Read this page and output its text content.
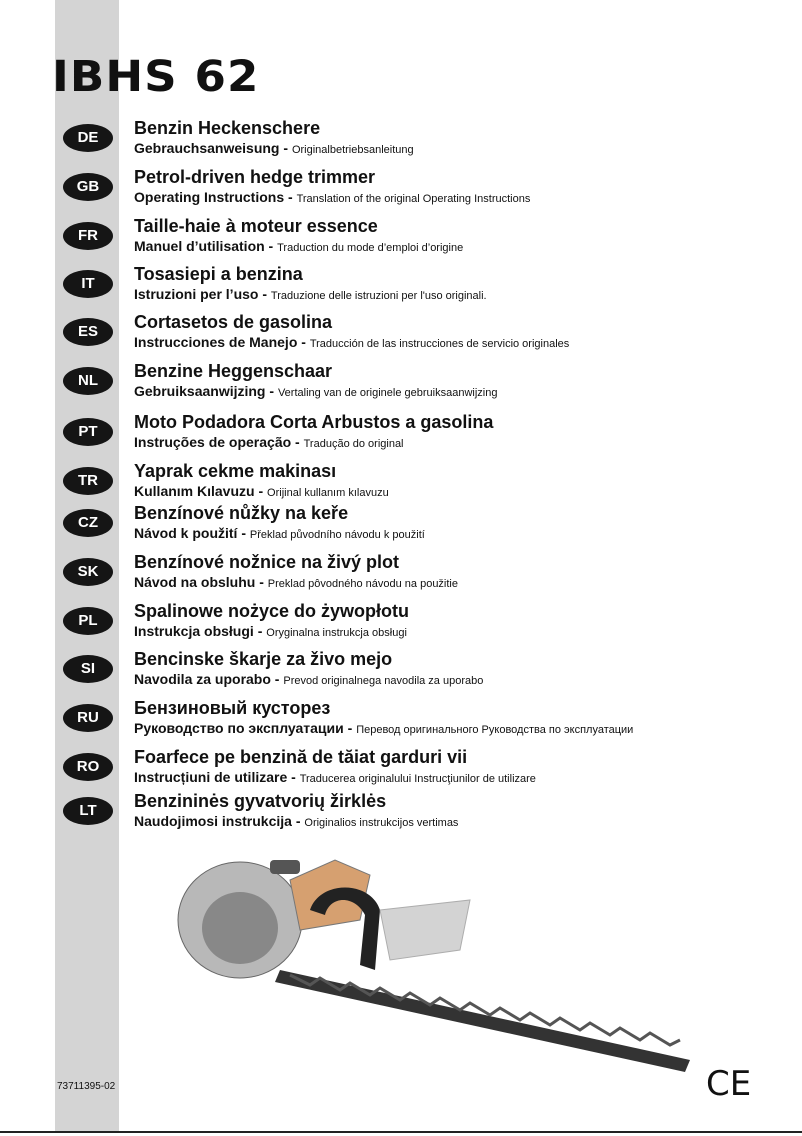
IBHS 62
DE	Benzin Heckenschere
Gebrauchsanweisung - Originalbetriebsanleitung
GB	Petrol-driven hedge trimmer
Operating Instructions - Translation of the original Operating Instructions
FR	Taille-haie à moteur essence
Manuel d’utilisation - Traduction du mode d’emploi d’origine
IT	Tosasiepi a benzina
Istruzioni per l’uso - Traduzione delle istruzioni per l'uso originali.
ES	Cortasetos de gasolina
Instrucciones de Manejo - Traducción de las instrucciones de servicio originales
NL	Benzine Heggenschaar
Gebruiksaanwijzing - Vertaling van de originele gebruiksaanwijzing
PT	Moto Podadora Corta Arbustos a gasolina
Instruções de operação - Tradução do original
TR	Yaprak cekme makinası
Kullanım Kılavuzu - Orijinal kullanım kılavuzu
CZ	Benzínové nůžky na keře
Návod k použití - Překlad původního návodu k použití
SK	Benzínové nožnice na živý plot
Návod na obsluhu - Preklad pôvodného návodu na použitie
PL	Spalinowe nożyce do żywopłotu
Instrukcja obsługi - Oryginalna instrukcja obsługi
SI	Bencinske škarje za živo mejo
Navodila za uporabo - Prevod originalnega navodila za uporabo
RU	Бензиновый кусторез
Руководство по эксплуатации - Перевод оригинального Руководства по эксплуатации
RO	Foarfece pe benzină de tăiat garduri vii
Instrucțiuni de utilizare - Traducerea originalului Instrucţiunilor de utilizare
LT	Benzininės gyvatvorių žirklės
Naudojimosi instrukcija - Originalios instrukcijos vertimas
73711395-02	CE
